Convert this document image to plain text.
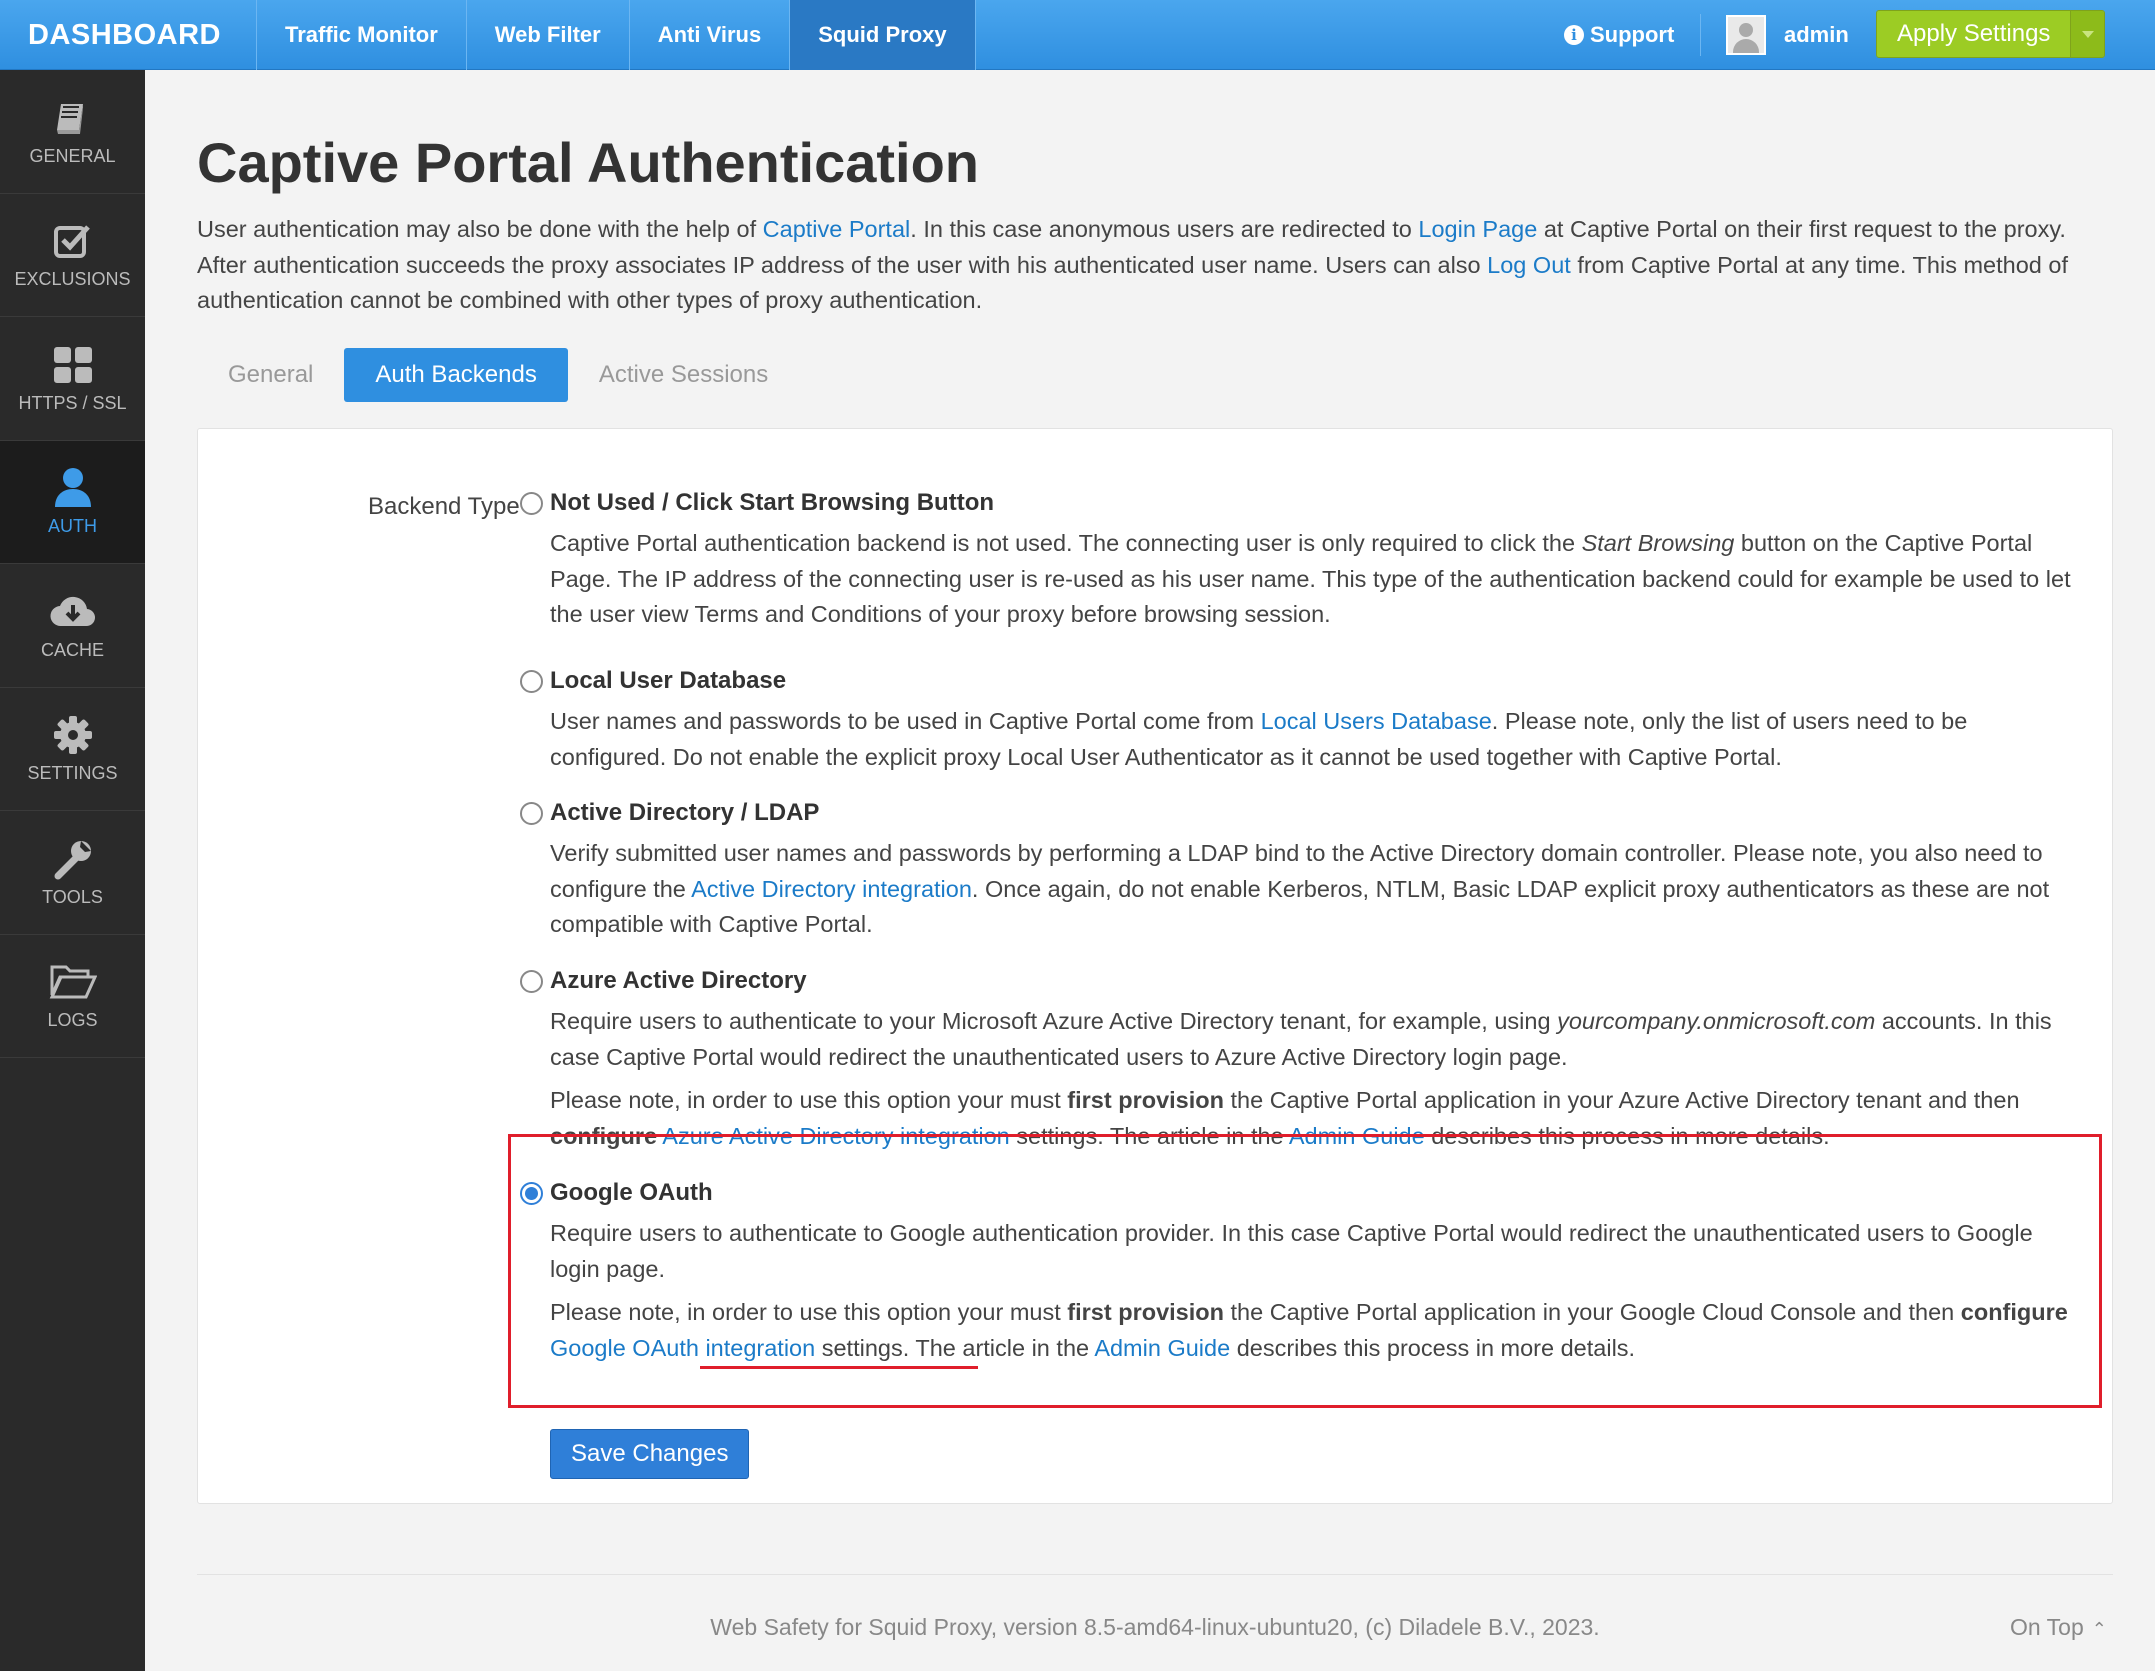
DASHBOARD	Traffic Monitor	Web Filter	Anti Virus	Squid Proxy	i Support	admin	Apply Settings
GENERAL
EXCLUSIONS
HTTPS / SSL
AUTH
CACHE
SETTINGS
TOOLS
LOGS
Captive Portal Authentication

User authentication may also be done with the help of Captive Portal. In this case anonymous users are redirected to Login Page at Captive Portal on their first request to the proxy. After authentication succeeds the proxy associates IP address of the user with his authenticated user name. Users can also Log Out from Captive Portal at any time. This method of authentication cannot be combined with other types of proxy authentication.

General	Auth Backends	Active Sessions
Backend Type Not Used / Click Start Browsing Button
Captive Portal authentication backend is not used. The connecting user is only required to click the Start Browsing button on the Captive Portal Page. The IP address of the connecting user is re-used as his user name. This type of the authentication backend could for example be used to let the user view Terms and Conditions of your proxy before browsing session.
Local User Database
User names and passwords to be used in Captive Portal come from Local Users Database. Please note, only the list of users need to be configured. Do not enable the explicit proxy Local User Authenticator as it cannot be used together with Captive Portal.
Active Directory / LDAP
Verify submitted user names and passwords by performing a LDAP bind to the Active Directory domain controller. Please note, you also need to configure the Active Directory integration. Once again, do not enable Kerberos, NTLM, Basic LDAP explicit proxy authenticators as these are not compatible with Captive Portal.
Azure Active Directory
Require users to authenticate to your Microsoft Azure Active Directory tenant, for example, using yourcompany.onmicrosoft.com accounts. In this case Captive Portal would redirect the unauthenticated users to Azure Active Directory login page.
Please note, in order to use this option your must first provision the Captive Portal application in your Azure Active Directory tenant and then configure Azure Active Directory integration settings. The article in the Admin Guide describes this process in more details.
Google OAuth
Require users to authenticate to Google authentication provider. In this case Captive Portal would redirect the unauthenticated users to Google login page.
Please note, in order to use this option your must first provision the Captive Portal application in your Google Cloud Console and then configure Google OAuth integration settings. The article in the Admin Guide describes this process in more details.
Save Changes
Web Safety for Squid Proxy, version 8.5-amd64-linux-ubuntu20, (c) Diladele B.V., 2023.	On Top ⌃
